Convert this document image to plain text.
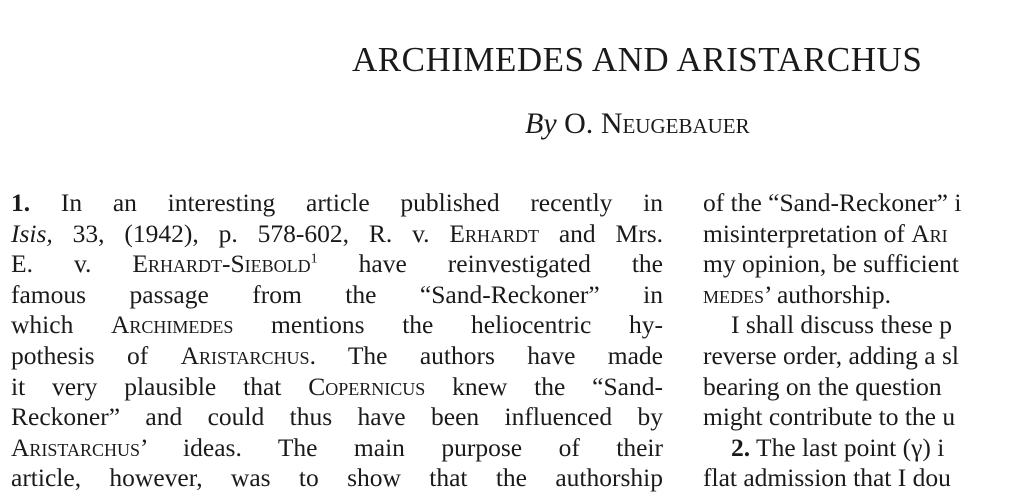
ARCHIMEDES AND ARISTARCHUS
By O. Neugebauer
1. In an interesting article published recently in
Isis, 33, (1942), p. 578-602, R. v. Erhardt and Mrs.
E. v. Erhardt-Siebold$^1$ have reinvestigated the
famous passage from the “Sand-Reckoner” in
which Archimedes mentions the heliocentric hy-
pothesis of Aristarchus. The authors have made
it very plausible that Copernicus knew the “Sand-
Reckoner” and could thus have been influenced by
Aristarchus’ ideas. The main purpose of their
article, however, was to show that the authorship
of the “Sand-Reckoner” i
misinterpretation of Ari
my opinion, be sufficient
medes’ authorship.
I shall discuss these p
reverse order, adding a sl
bearing on the question
might contribute to the u
2. The last point (γ) i
flat admission that I dou
